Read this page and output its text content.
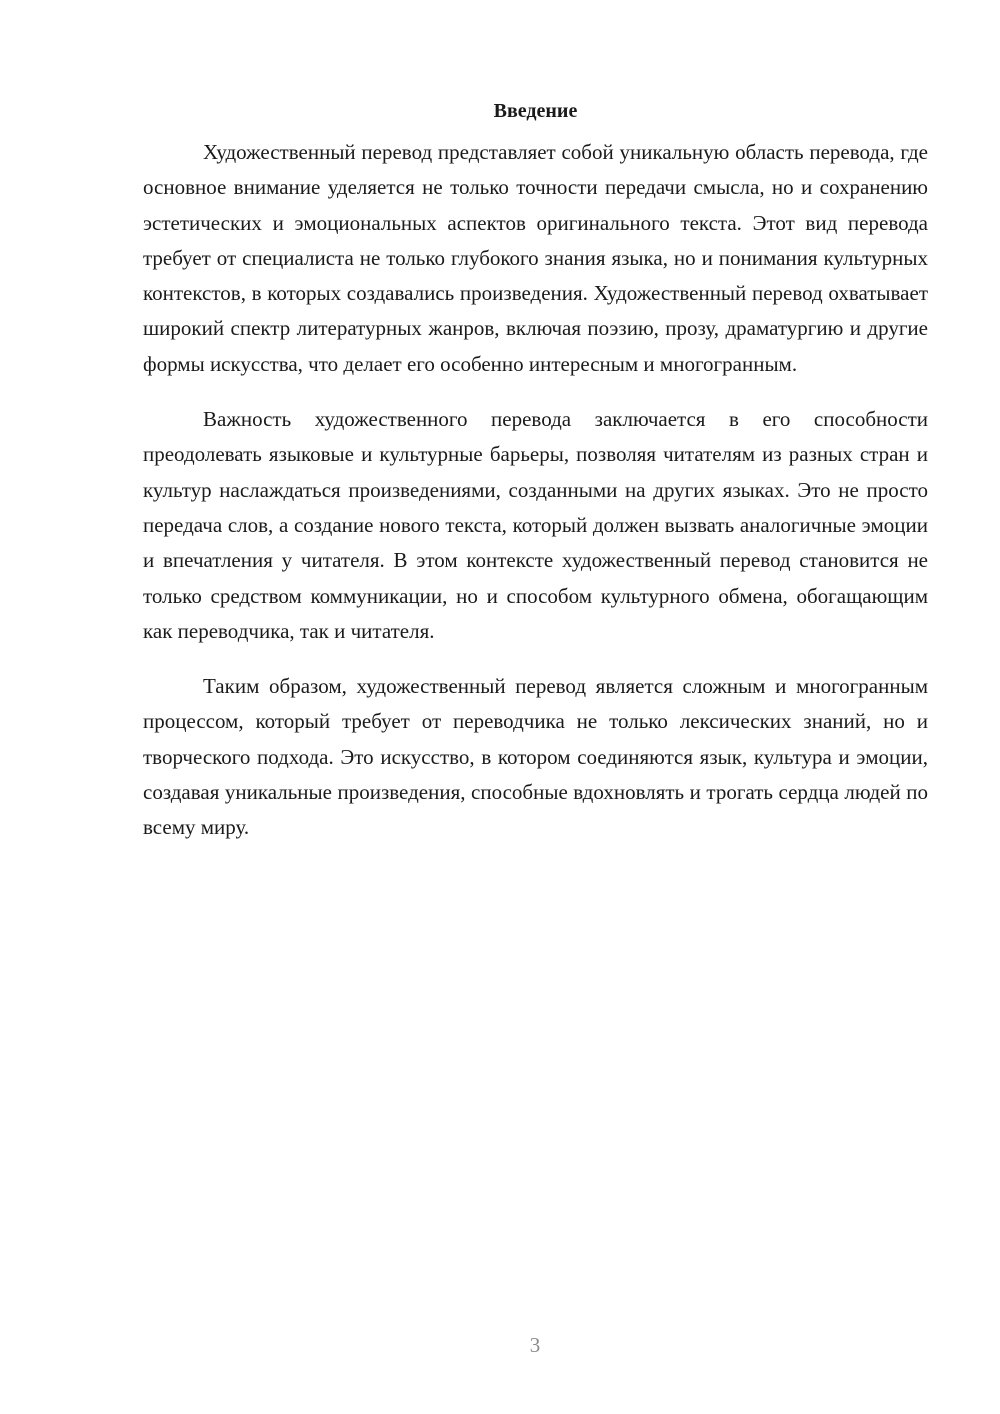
Введение

Художественный перевод представляет собой уникальную область перевода, где основное внимание уделяется не только точности передачи смысла, но и сохранению эстетических и эмоциональных аспектов оригинального текста. Этот вид перевода требует от специалиста не только глубокого знания языка, но и понимания культурных контекстов, в которых создавались произведения. Художественный перевод охватывает широкий спектр литературных жанров, включая поэзию, прозу, драматургию и другие формы искусства, что делает его особенно интересным и многогранным.

Важность художественного перевода заключается в его способности преодолевать языковые и культурные барьеры, позволяя читателям из разных стран и культур наслаждаться произведениями, созданными на других языках. Это не просто передача слов, а создание нового текста, который должен вызвать аналогичные эмоции и впечатления у читателя. В этом контексте художественный перевод становится не только средством коммуникации, но и способом культурного обмена, обогащающим как переводчика, так и читателя.

Таким образом, художественный перевод является сложным и многогранным процессом, который требует от переводчика не только лексических знаний, но и творческого подхода. Это искусство, в котором соединяются язык, культура и эмоции, создавая уникальные произведения, способные вдохновлять и трогать сердца людей по всему миру.

3
